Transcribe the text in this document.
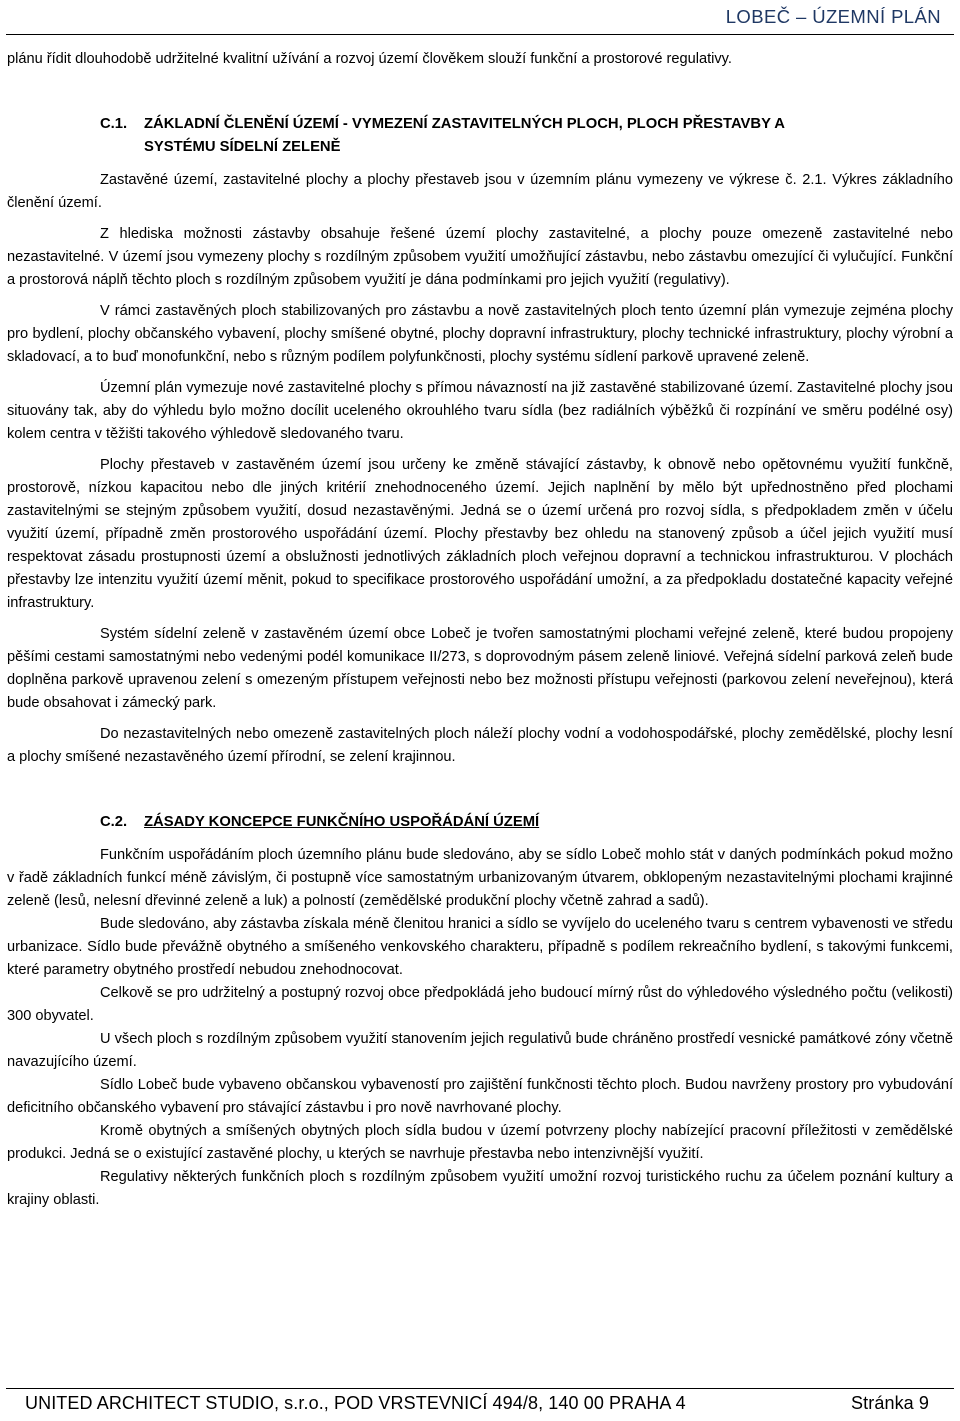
LOBEČ – ÚZEMNÍ PLÁN

plánu řídit dlouhodobě udržitelné kvalitní užívání a rozvoj území člověkem slouží funkční a prostorové regulativy.

C.1.	ZÁKLADNÍ ČLENĚNÍ ÚZEMÍ - VYMEZENÍ ZASTAVITELNÝCH PLOCH, PLOCH PŘESTAVBY A SYSTÉMU SÍDELNÍ ZELENĚ

Zastavěné území, zastavitelné plochy a plochy přestaveb jsou v územním plánu vymezeny ve výkrese č. 2.1. Výkres základního členění území.

Z hlediska možnosti zástavby obsahuje řešené území plochy zastavitelné, a plochy pouze omezeně zastavitelné nebo nezastavitelné. V území jsou vymezeny plochy s rozdílným způsobem využití umožňující zástavbu, nebo zástavbu omezující či vylučující. Funkční a prostorová náplň těchto ploch s rozdílným způsobem využití je dána podmínkami pro jejich využití (regulativy).

V rámci zastavěných ploch stabilizovaných pro zástavbu a nově zastavitelných ploch tento územní plán vymezuje zejména plochy pro bydlení, plochy občanského vybavení, plochy smíšené obytné, plochy dopravní infrastruktury, plochy technické infrastruktury, plochy výrobní a skladovací, a to buď monofunkční, nebo s různým podílem polyfunkčnosti, plochy systému sídlení parkově upravené zeleně.

Územní plán vymezuje nové zastavitelné plochy s přímou návazností na již zastavěné stabilizované území. Zastavitelné plochy jsou situovány tak, aby do výhledu bylo možno docílit uceleného okrouhlého tvaru sídla (bez radiálních výběžků či rozpínání ve směru podélné osy) kolem centra v těžišti takového výhledově sledovaného tvaru.

Plochy přestaveb v zastavěném území jsou určeny ke změně stávající zástavby, k obnově nebo opětovnému využití funkčně, prostorově, nízkou kapacitou nebo dle jiných kritérií znehodnoceného území. Jejich naplnění by mělo být upřednostněno před plochami zastavitelnými se stejným způsobem využití, dosud nezastavěnými. Jedná se o území určená pro rozvoj sídla, s předpokladem změn v účelu využití území, případně změn prostorového uspořádání území. Plochy přestavby bez ohledu na stanovený způsob a účel jejich využití musí respektovat zásadu prostupnosti území a obslužnosti jednotlivých základních ploch veřejnou dopravní a technickou infrastrukturou. V plochách přestavby lze intenzitu využití území měnit, pokud to specifikace prostorového uspořádání umožní, a za předpokladu dostatečné kapacity veřejné infrastruktury.

Systém sídelní zeleně v zastavěném území obce Lobeč je tvořen samostatnými plochami veřejné zeleně, které budou propojeny pěšími cestami samostatnými nebo vedenými podél komunikace II/273, s doprovodným pásem zeleně liniové. Veřejná sídelní parková zeleň bude doplněna parkově upravenou zelení s omezeným přístupem veřejnosti nebo bez možnosti přístupu veřejnosti (parkovou zelení neveřejnou), která bude obsahovat i zámecký park.

Do nezastavitelných nebo omezeně zastavitelných ploch náleží plochy vodní a vodohospodářské, plochy zemědělské, plochy lesní a plochy smíšené nezastavěného území přírodní, se zelení krajinnou.

C.2.	ZÁSADY KONCEPCE FUNKČNÍHO USPOŘÁDÁNÍ ÚZEMÍ

Funkčním uspořádáním ploch územního plánu bude sledováno, aby se sídlo Lobeč mohlo stát v daných podmínkách pokud možno v řadě základních funkcí méně závislým, či postupně více samostatným urbanizovaným útvarem, obklopeným nezastavitelnými plochami krajinné zeleně (lesů, nelesní dřevinné zeleně a luk) a polností (zemědělské produkční plochy včetně zahrad a sadů).

Bude sledováno, aby zástavba získala méně členitou hranici a sídlo se vyvíjelo do uceleného tvaru s centrem vybavenosti ve středu urbanizace. Sídlo bude převážně obytného a smíšeného venkovského charakteru, případně s podílem rekreačního bydlení, s takovými funkcemi, které parametry obytného prostředí nebudou znehodnocovat.

Celkově se pro udržitelný a postupný rozvoj obce předpokládá jeho budoucí mírný růst do výhledového výsledného počtu (velikosti) 300 obyvatel.

U všech ploch s rozdílným způsobem využití stanovením jejich regulativů bude chráněno prostředí vesnické památkové zóny včetně navazujícího území.

Sídlo Lobeč bude vybaveno občanskou vybaveností pro zajištění funkčnosti těchto ploch. Budou navrženy prostory pro vybudování deficitního občanského vybavení pro stávající zástavbu i pro nově navrhované plochy.

Kromě obytných a smíšených obytných ploch sídla budou v území potvrzeny plochy nabízející pracovní příležitosti v zemědělské produkci. Jedná se o existující zastavěné plochy, u kterých se navrhuje přestavba nebo intenzivnější využití.

Regulativy některých funkčních ploch s rozdílným způsobem využití umožní rozvoj turistického ruchu za účelem poznání kultury a krajiny oblasti.

UNITED ARCHITECT STUDIO, s.r.o., POD VRSTEVNICÍ 494/8, 140 00 PRAHA 4	Stránka 9
